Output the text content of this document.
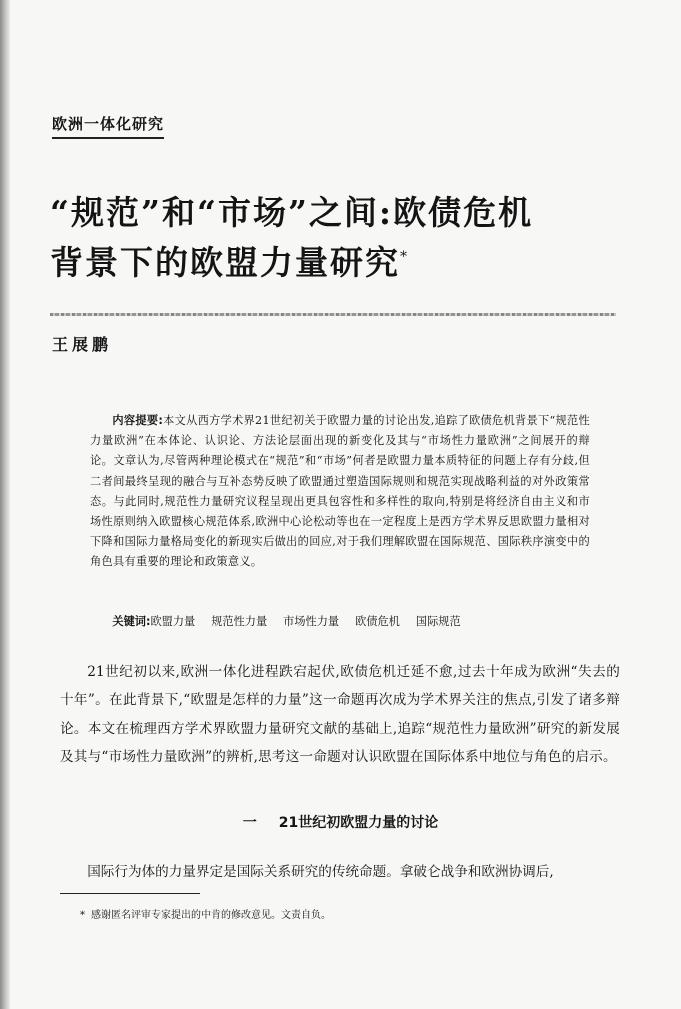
欧洲一体化研究
“规范”和“市场”之间:欧债危机
背景下的欧盟力量研究*
王展鹏

内容提要:本文从西方学术界21世纪初关于欧盟力量的讨论出发,追踪了欧债危机背景下“规范性力量欧洲”在本体论、认识论、方法论层面出现的新变化及其与“市场性力量欧洲”之间展开的辩论。文章认为,尽管两种理论模式在“规范”和“市场”何者是欧盟力量本质特征的问题上存有分歧,但二者间最终呈现的融合与互补态势反映了欧盟通过塑造国际规则和规范实现战略利益的对外政策常态。与此同时,规范性力量研究议程呈现出更具包容性和多样性的取向,特别是将经济自由主义和市场性原则纳入欧盟核心规范体系,欧洲中心论松动等也在一定程度上是西方学术界反思欧盟力量相对下降和国际力量格局变化的新现实后做出的回应,对于我们理解欧盟在国际规范、国际秩序演变中的角色具有重要的理论和政策意义。

关键词:欧盟力量 规范性力量 市场性力量 欧债危机 国际规范

21世纪初以来,欧洲一体化进程跌宕起伏,欧债危机迁延不愈,过去十年成为欧洲“失去的十年”。在此背景下,“欧盟是怎样的力量”这一命题再次成为学术界关注的焦点,引发了诸多辩论。本文在梳理西方学术界欧盟力量研究文献的基础上,追踪“规范性力量欧洲”研究的新发展及其与“市场性力量欧洲”的辨析,思考这一命题对认识欧盟在国际体系中地位与角色的启示。

一 21世纪初欧盟力量的讨论

国际行为体的力量界定是国际关系研究的传统命题。拿破仑战争和欧洲协调后,

* 感谢匿名评审专家提出的中肯的修改意见。文责自负。
